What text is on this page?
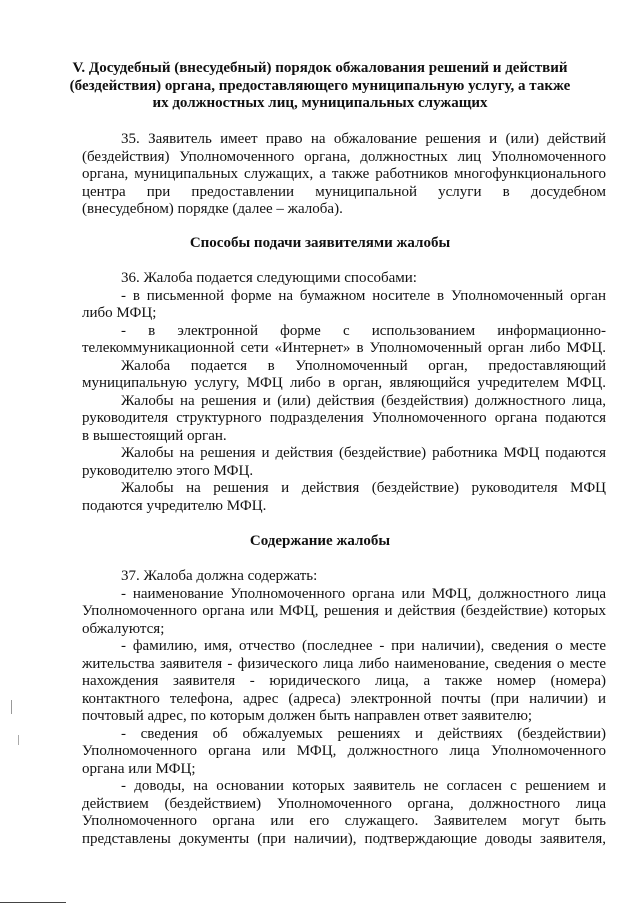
V. Досудебный (внесудебный) порядок обжалования решений и действий
(бездействия) органа, предоставляющего муниципальную услугу, а также
их должностных лиц, муниципальных служащих
35. Заявитель имеет право на обжалование решения и (или) действий
(бездействия) Уполномоченного органа, должностных лиц Уполномоченного
органа, муниципальных служащих, а также работников многофункционального
центра при предоставлении муниципальной услуги в досудебном
(внесудебном) порядке (далее – жалоба).
Способы подачи заявителями жалобы
36. Жалоба подается следующими способами:
- в письменной форме на бумажном носителе в Уполномоченный орган
либо МФЦ;
- в электронной форме с использованием информационно-
телекоммуникационной сети «Интернет» в Уполномоченный орган либо МФЦ.
Жалоба подается в Уполномоченный орган, предоставляющий
муниципальную услугу, МФЦ либо в орган, являющийся учредителем МФЦ.
Жалобы на решения и (или) действия (бездействия) должностного лица,
руководителя структурного подразделения Уполномоченного органа подаются
в вышестоящий орган.
Жалобы на решения и действия (бездействие) работника МФЦ подаются
руководителю этого МФЦ.
Жалобы на решения и действия (бездействие) руководителя МФЦ
подаются учредителю МФЦ.
Содержание жалобы
37. Жалоба должна содержать:
- наименование Уполномоченного органа или МФЦ, должностного лица
Уполномоченного органа или МФЦ, решения и действия (бездействие) которых
обжалуются;
- фамилию, имя, отчество (последнее - при наличии), сведения о месте
жительства заявителя - физического лица либо наименование, сведения о месте
нахождения заявителя - юридического лица, а также номер (номера)
контактного телефона, адрес (адреса) электронной почты (при наличии) и
почтовый адрес, по которым должен быть направлен ответ заявителю;
- сведения об обжалуемых решениях и действиях (бездействии)
Уполномоченного органа или МФЦ, должностного лица Уполномоченного
органа или МФЦ;
- доводы, на основании которых заявитель не согласен с решением и
действием (бездействием) Уполномоченного органа, должностного лица
Уполномоченного органа или его служащего. Заявителем могут быть
представлены документы (при наличии), подтверждающие доводы заявителя,
